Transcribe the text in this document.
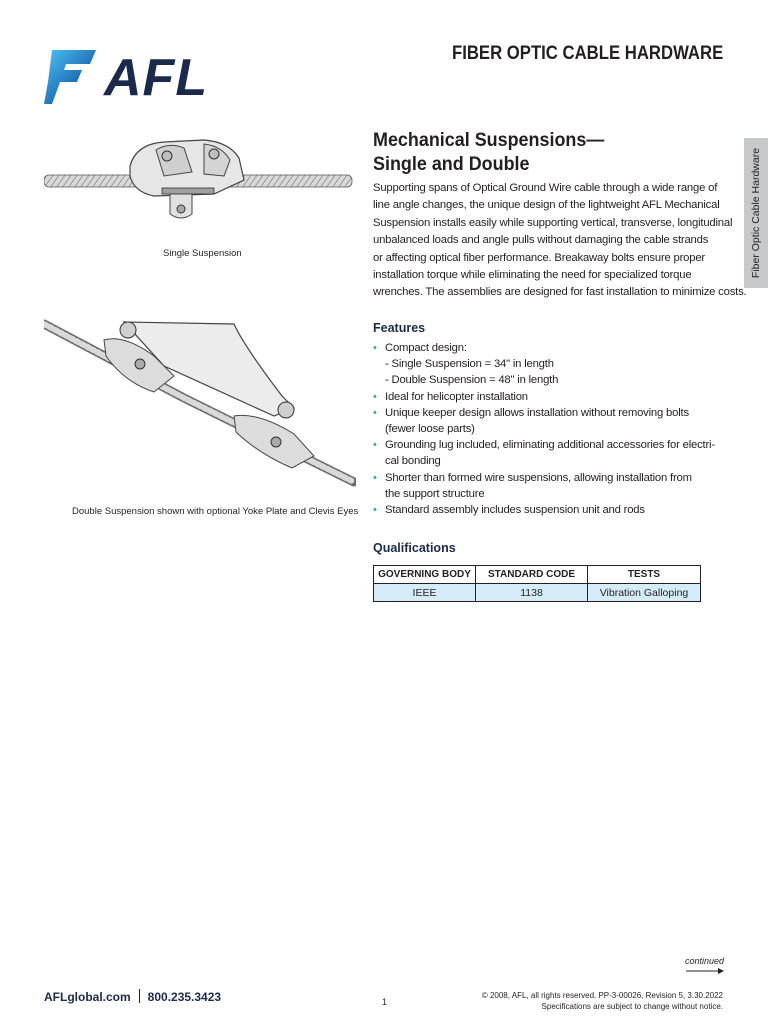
AFL	FIBER OPTIC CABLE HARDWARE
Fiber Optic Cable Hardware
Single Suspension
Double Suspension shown with optional Yoke Plate and Clevis Eyes
Mechanical Suspensions—
Single and Double
Supporting spans of Optical Ground Wire cable through a wide range of
line angle changes, the unique design of the lightweight AFL Mechanical
Suspension installs easily while supporting vertical, transverse, longitudinal
unbalanced loads and angle pulls without damaging the cable strands
or affecting optical fiber performance. Breakaway bolts ensure proper
installation torque while eliminating the need for specialized torque
wrenches. The assemblies are designed for fast installation to minimize costs.
Features
• Compact design:
- Single Suspension = 34" in length
- Double Suspension = 48" in length
• Ideal for helicopter installation
• Unique keeper design allows installation without removing bolts
(fewer loose parts)
• Grounding lug included, eliminating additional accessories for electri-
cal bonding
• Shorter than formed wire suspensions, allowing installation from
the support structure
• Standard assembly includes suspension unit and rods
Qualifications
GOVERNING BODY	STANDARD CODE	TESTS
IEEE	1138	Vibration Galloping
continued
AFLglobal.com 800.235.3423	1
© 2008, AFL, all rights reserved. PP-3-00026, Revision 5, 3.30.2022
Specifications are subject to change without notice.
